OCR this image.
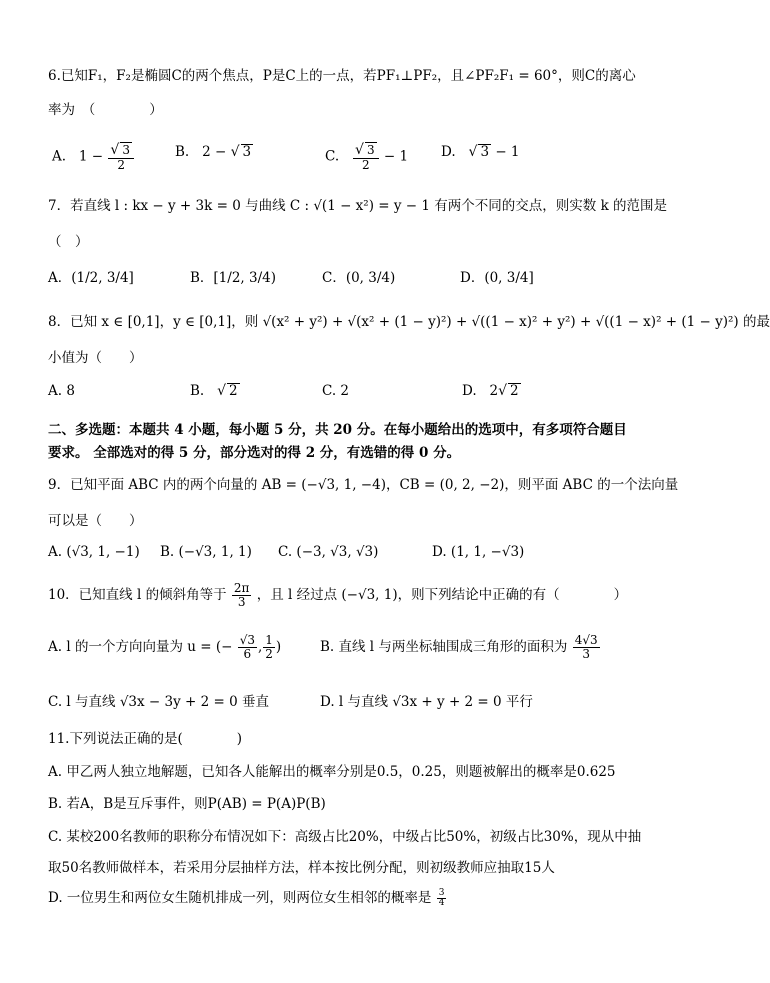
6.已知F₁，F₂是椭圆C的两个焦点，P是C上的一点，若PF₁⊥PF₂，且∠PF₂F₁ = 60°，则C的离心
率为　（　　　　）
A. $1 - \frac{√ 3}{2}$	B. 2 − √ 3	C. $\frac{√ 3}{2} - 1$ D. √ 3 − 1
7．若直线 l : kx − y + 3k = 0 与曲线 C : √(1 − x²) = y − 1 有两个不同的交点，则实数 k 的范围是
（　）
A．(1/2, 3/4]	B．[1/2, 3/4)	C．(0, 3/4)	D．(0, 3/4]
8．已知 x ∈ [0,1]，y ∈ [0,1]，则 √(x² + y²) + √(x² + (1 − y)²) + √((1 − x)² + y²) + √((1 − x)² + (1 − y)²) 的最
小值为（　　）
A. 8	B. √ 2	C. 2	D. 2√ 2
二、多选题：本题共 4 小题，每小题 5 分，共 20 分。在每小题给出的选项中，有多项符合题目
要求。 全部选对的得 5 分，部分选对的得 2 分，有选错的得 0 分。
9．已知平面 ABC 内的两个向量的 AB = (−√3, 1, −4)，CB = (0, 2, −2)，则平面 ABC 的一个法向量
可以是（　　）
A. (√3, 1, −1) B. (−√3, 1, 1) C. (−3, √3, √3)	D. (1, 1, −√3)
10．已知直线 l 的倾斜角等于 $\frac{2\pi}{3}$ ，且 l 经过点 (−√3, 1)，则下列结论中正确的有（　　　　）
A. l 的一个方向向量为 u = (− $\frac{√3}{6}$ , $\frac{1}{2}$ )	B. 直线 l 与两坐标轴围成三角形的面积为 $\frac{4√3}{3}$
C. l 与直线 √3x − 3y + 2 = 0 垂直	D. l 与直线 √3x + y + 2 = 0 平行
11.下列说法正确的是(　　　　)
A. 甲乙两人独立地解题，已知各人能解出的概率分别是0.5，0.25，则题被解出的概率是0.625
B. 若A，B是互斥事件，则P(AB) = P(A)P(B)
C. 某校200名教师的职称分布情况如下：高级占比20%，中级占比50%，初级占比30%，现从中抽
取50名教师做样本，若采用分层抽样方法，样本按比例分配，则初级教师应抽取15人
D. 一位男生和两位女生随机排成一列，则两位女生相邻的概率是 $\frac{3}{4}$
